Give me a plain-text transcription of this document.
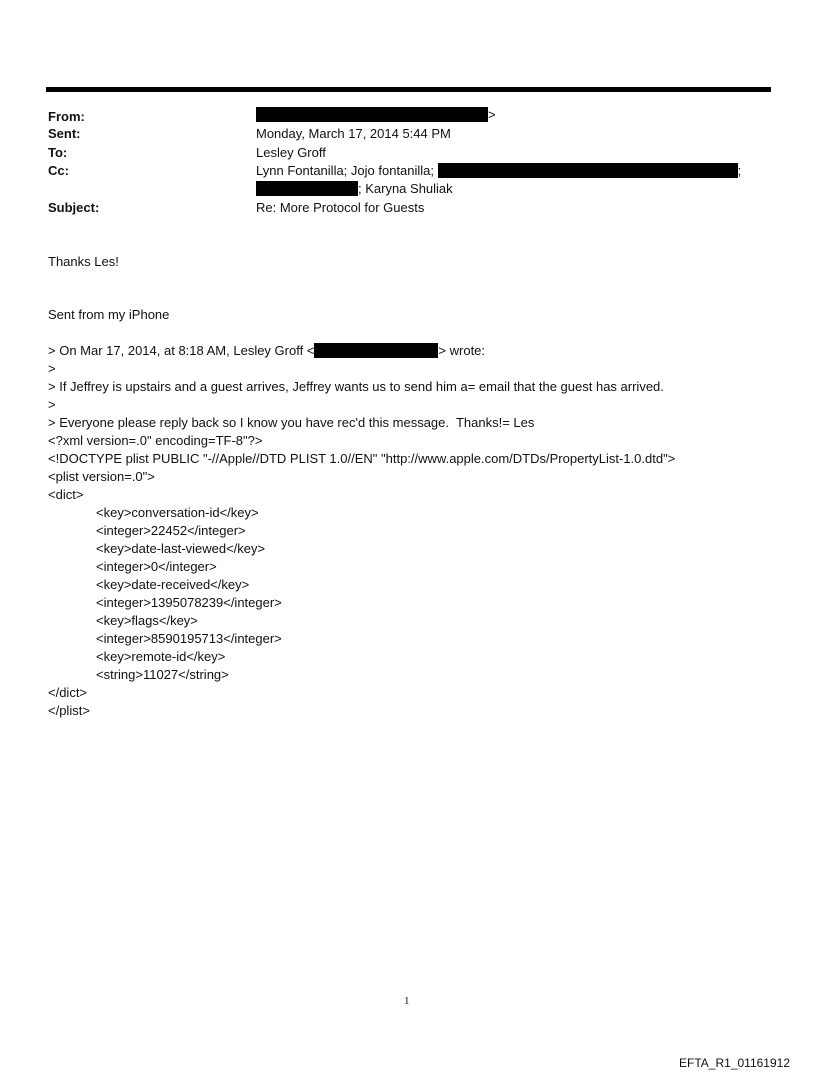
From:	>
Sent:	Monday, March 17, 2014 5:44 PM
To:	Lesley Groff
Cc:	Lynn Fontanilla; Jojo fontanilla;	;
; Karyna Shuliak
Subject:	Re: More Protocol for Guests
Thanks Les!
Sent from my iPhone
> On Mar 17, 2014, at 8:18 AM, Lesley Groff <	> wrote:
>
> If Jeffrey is upstairs and a guest arrives, Jeffrey wants us to send him a= email that the guest has arrived.
>
> Everyone please reply back so I know you have rec'd this message.  Thanks!= Les
<?xml version=.0" encoding=TF-8"?>
<!DOCTYPE plist PUBLIC "-//Apple//DTD PLIST 1.0//EN" "http://www.apple.com/DTDs/PropertyList-1.0.dtd">
<plist version=.0">
<dict>
<key>conversation-id</key>
<integer>22452</integer>
<key>date-last-viewed</key>
<integer>0</integer>
<key>date-received</key>
<integer>1395078239</integer>
<key>flags</key>
<integer>8590195713</integer>
<key>remote-id</key>
<string>11027</string>
</dict>
</plist>
1
EFTA_R1_01161912
